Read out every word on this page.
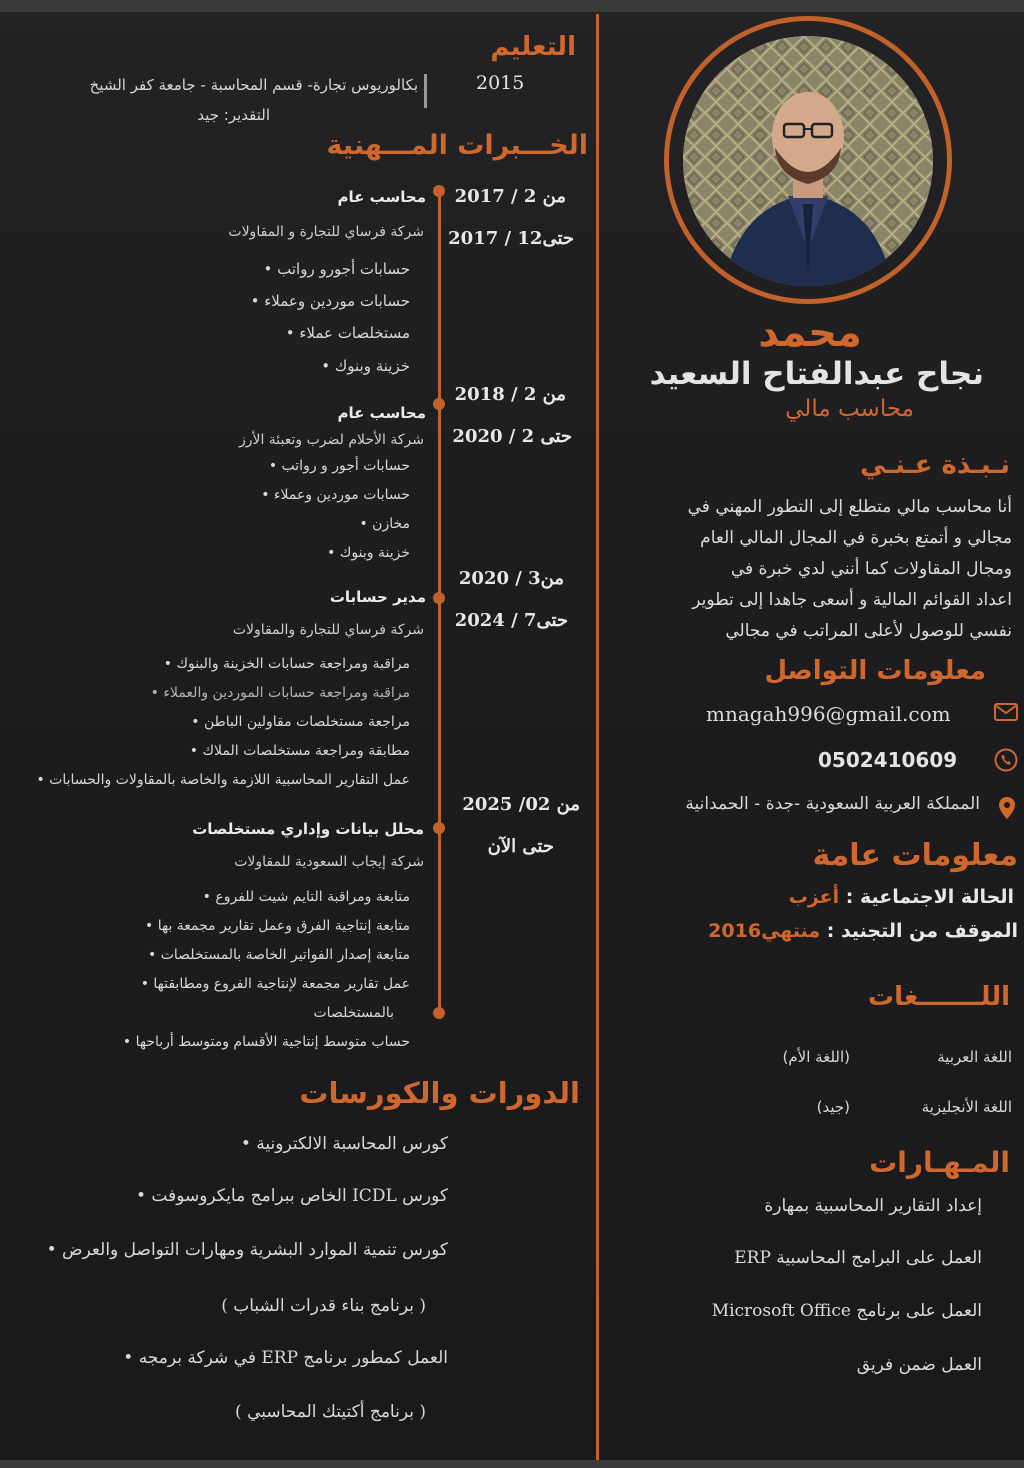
محمد
نجاح عبدالفتاح السعيد
محاسب مالي
نـبـذة عـنـي
أنا محاسب مالي متطلع إلى التطور المهني في
مجالي و أتمتع بخبرة في المجال المالي العام
ومجال المقاولات كما أنني لدي خبرة في
اعداد القوائم المالية و أسعى جاهدا إلى تطوير
نفسي للوصول لأعلى المراتب في مجالي
معلومات التواصل
mnagah996@gmail.com
0502410609
المملكة العربية السعودية -جدة - الحمدانية
معلومات عامة
الحالة الاجتماعية : أعزب
الموقف من التجنيد : منتهي2016
اللـــــــغات
اللغة العربية
(اللغة الأم)
اللغة الأنجليزية
(جيد)
المـهـارات
إعداد التقارير المحاسبية بمهارة
العمل على البرامج المحاسبية ERP
العمل على برنامج Microsoft Office
العمل ضمن فريق
التعليم
2015
بكالوريوس تجارة- قسم المحاسبة - جامعة كفر الشيخ
التقدير: جيد
الخـــبرات المـــهنية
من 2 / 2017
حتى12 / 2017
محاسب عام
شركة فرساي للتجارة و المقاولات
حسابات أجورو رواتب •
حسابات موردين وعملاء •
مستخلصات عملاء •
خزينة وبنوك •
من 2 / 2018
حتى 2 / 2020
محاسب عام
شركة الأحلام لضرب وتعبئة الأرز
حسابات أجور و رواتب •
حسابات موردين وعملاء •
مخازن •
خزينة وبنوك •
من3 / 2020
حتى7 / 2024
مدير حسابات
شركة فرساي للتجارة والمقاولات
مراقبة ومراجعة حسابات الخزينة والبنوك •
مراقبة ومراجعة حسابات الموردين والعملاء •
مراجعة مستخلصات مقاولين الباطن •
مطابقة ومراجعة مستخلصات الملاك •
عمل التقارير المحاسبية اللازمة والخاصة بالمقاولات والحسابات •
من 02/ 2025
حتى الآن
محلل بيانات وإداري مستخلصات
شركة إيجاب السعودية للمقاولات
متابعة ومراقبة التايم شيت للفروع •
متابعة إنتاجية الفرق وعمل تقارير مجمعة بها •
متابعة إصدار الفواتير الخاصة بالمستخلصات •
عمل تقارير مجمعة لإنتاجية الفروع ومطابقتها •
بالمستخلصات
حساب متوسط إنتاجية الأقسام ومتوسط أرباحها •
الدورات والكورسات
كورس المحاسبة الالكترونية •
كورس ICDL الخاص ببرامج مايكروسوفت •
كورس تنمية الموارد البشرية ومهارات التواصل والعرض •
( برنامج بناء قدرات الشباب )
العمل كمطور برنامج ERP في شركة برمجه •
( برنامج أكتيتك المحاسبي )
